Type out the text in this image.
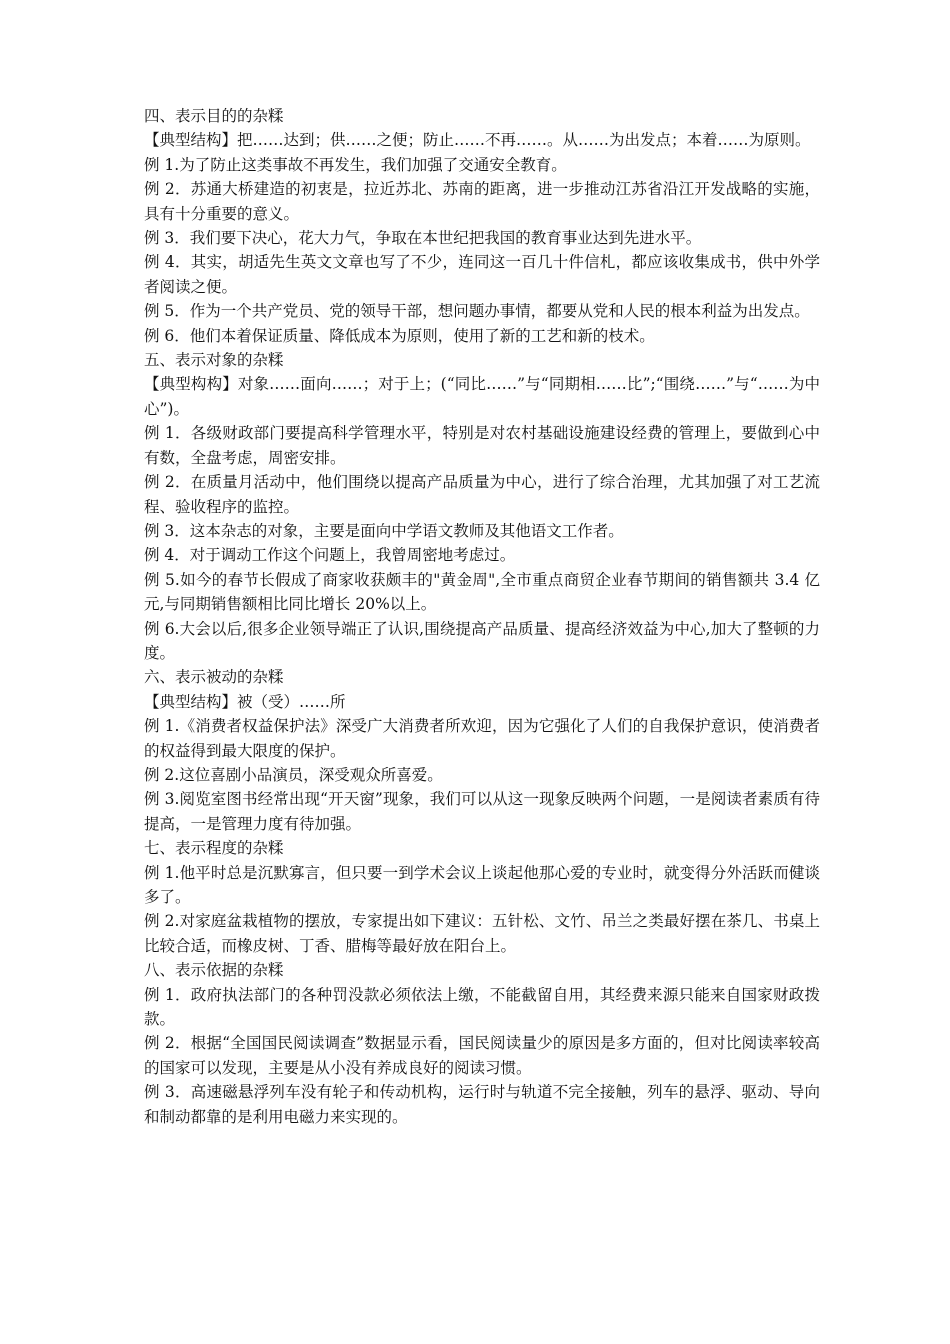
四、表示目的的杂糅

【典型结构】把……达到；供……之便；防止……不再……。从……为出发点；本着……为原则。

例 1.为了防止这类事故不再发生，我们加强了交通安全教育。

例 2．苏通大桥建造的初衷是，拉近苏北、苏南的距离，进一步推动江苏省沿江开发战略的实施，具有十分重要的意义。

例 3．我们要下决心，花大力气，争取在本世纪把我国的教育事业达到先进水平。

例 4．其实，胡适先生英文文章也写了不少，连同这一百几十件信札，都应该收集成书，供中外学者阅读之便。

例 5．作为一个共产党员、党的领导干部，想问题办事情，都要从党和人民的根本利益为出发点。

例 6．他们本着保证质量、降低成本为原则，使用了新的工艺和新的枝术。

五、表示对象的杂糅

【典型构构】对象……面向……；对于上；(“同比……”与“同期相……比”;“围绕……”与“……为中心”)。

例 1．各级财政部门要提高科学管理水平，特别是对农村基础设施建设经费的管理上，要做到心中有数，全盘考虑，周密安排。

例 2．在质量月活动中，他们围绕以提高产品质量为中心，进行了综合治理，尤其加强了对工艺流程、验收程序的监控。

例 3．这本杂志的对象，主要是面向中学语文教师及其他语文工作者。

例 4．对于调动工作这个问题上，我曾周密地考虑过。

例 5.如今的春节长假成了商家收获颇丰的"黄金周",全市重点商贸企业春节期间的销售额共 3.4 亿元,与同期销售额相比同比增长 20%以上。

例 6.大会以后,很多企业领导端正了认识,围绕提高产品质量、提高经济效益为中心,加大了整顿的力度。

六、表示被动的杂糅

【典型结构】被（受）……所

例 1.《消费者权益保护法》深受广大消费者所欢迎，因为它强化了人们的自我保护意识，使消费者的权益得到最大限度的保护。

例 2.这位喜剧小品演员，深受观众所喜爱。

例 3.阅览室图书经常出现“开天窗”现象，我们可以从这一现象反映两个问题，一是阅读者素质有待提高，一是管理力度有待加强。

七、表示程度的杂糅

例 1.他平时总是沉默寡言，但只要一到学术会议上谈起他那心爱的专业时，就变得分外活跃而健谈多了。

例 2.对家庭盆栽植物的摆放，专家提出如下建议：五针松、文竹、吊兰之类最好摆在茶几、书桌上比较合适，而橡皮树、丁香、腊梅等最好放在阳台上。

八、表示依据的杂糅

例 1．政府执法部门的各种罚没款必须依法上缴，不能截留自用，其经费来源只能来自国家财政拨款。

例 2．根据“全国国民阅读调查”数据显示看，国民阅读量少的原因是多方面的，但对比阅读率较高的国家可以发现，主要是从小没有养成良好的阅读习惯。

例 3．高速磁悬浮列车没有轮子和传动机构，运行时与轨道不完全接触，列车的悬浮、驱动、导向和制动都靠的是利用电磁力来实现的。
